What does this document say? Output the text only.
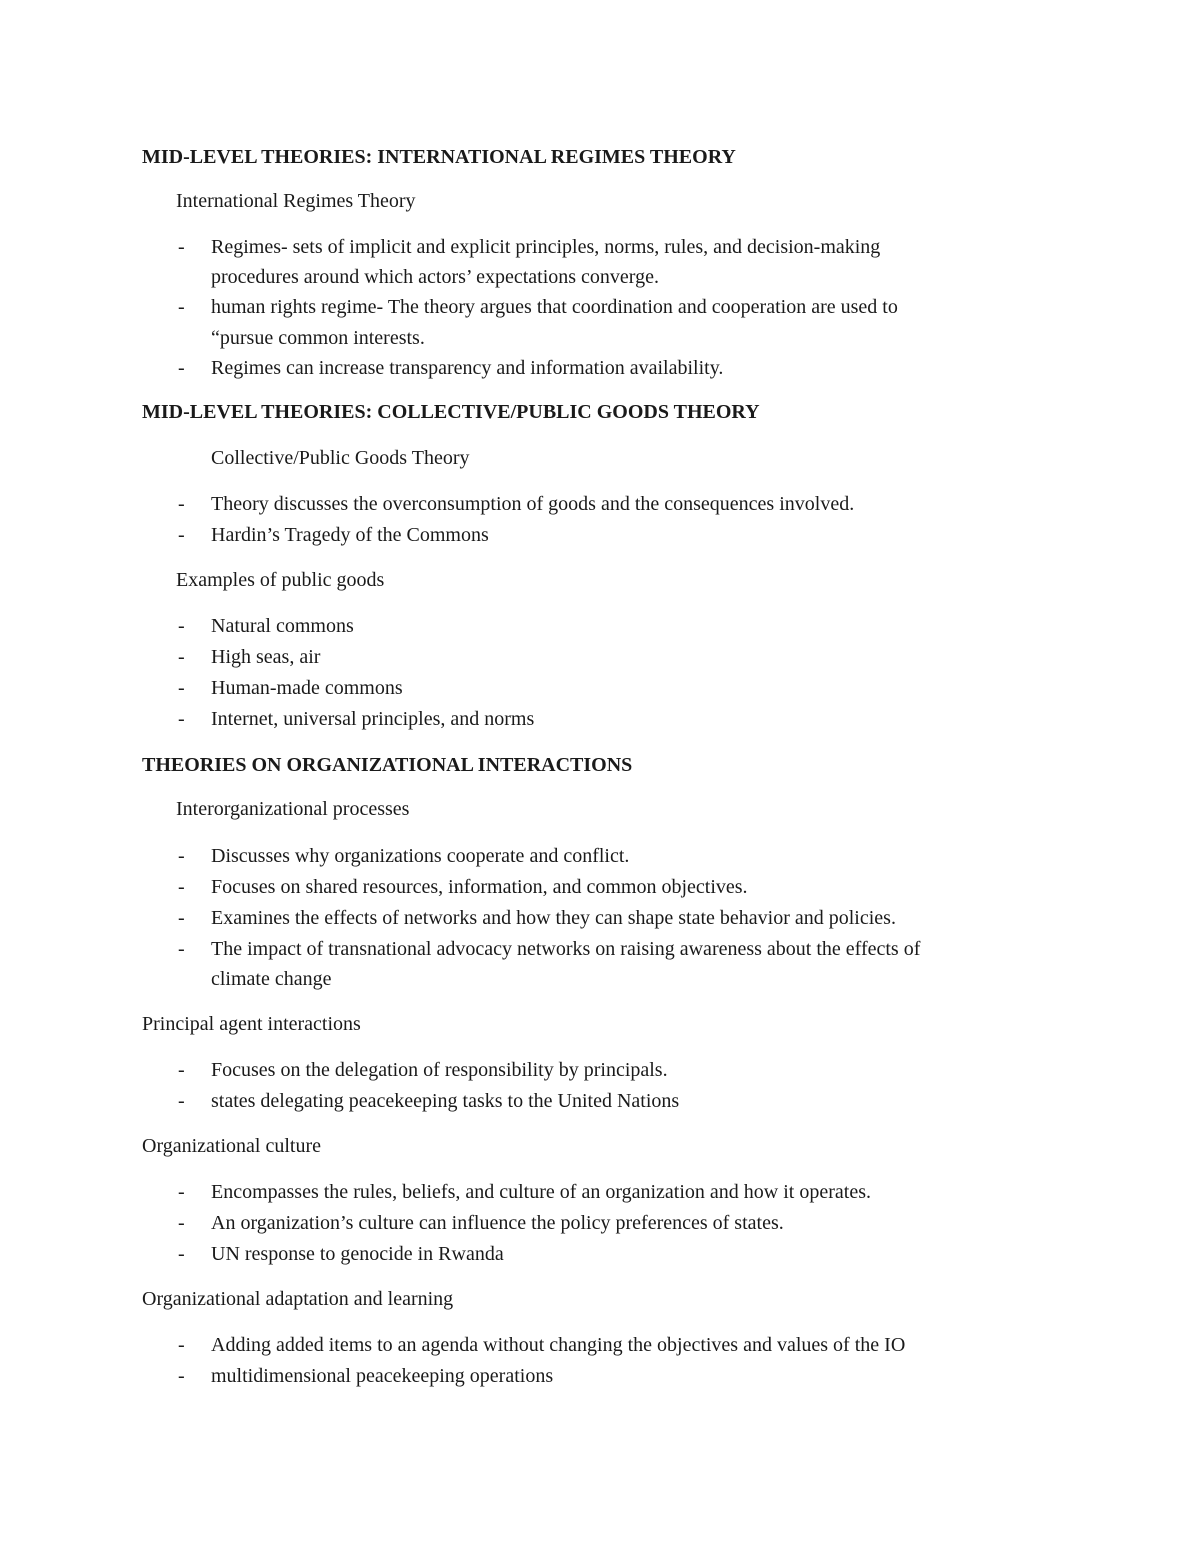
MID-LEVEL THEORIES: INTERNATIONAL REGIMES THEORY
International Regimes Theory
- Regimes- sets of implicit and explicit principles, norms, rules, and decision-making
procedures around which actors’ expectations converge.
- human rights regime- The theory argues that coordination and cooperation are used to
“pursue common interests.
- Regimes can increase transparency and information availability.
MID-LEVEL THEORIES: COLLECTIVE/PUBLIC GOODS THEORY
Collective/Public Goods Theory
- Theory discusses the overconsumption of goods and the consequences involved.
- Hardin’s Tragedy of the Commons
Examples of public goods
- Natural commons
- High seas, air
- Human-made commons
- Internet, universal principles, and norms
THEORIES ON ORGANIZATIONAL INTERACTIONS
Interorganizational processes
- Discusses why organizations cooperate and conflict.
- Focuses on shared resources, information, and common objectives.
- Examines the effects of networks and how they can shape state behavior and policies.
- The impact of transnational advocacy networks on raising awareness about the effects of
climate change
Principal agent interactions
- Focuses on the delegation of responsibility by principals.
- states delegating peacekeeping tasks to the United Nations
Organizational culture
- Encompasses the rules, beliefs, and culture of an organization and how it operates.
- An organization’s culture can influence the policy preferences of states.
- UN response to genocide in Rwanda
Organizational adaptation and learning
- Adding added items to an agenda without changing the objectives and values of the IO
- multidimensional peacekeeping operations
